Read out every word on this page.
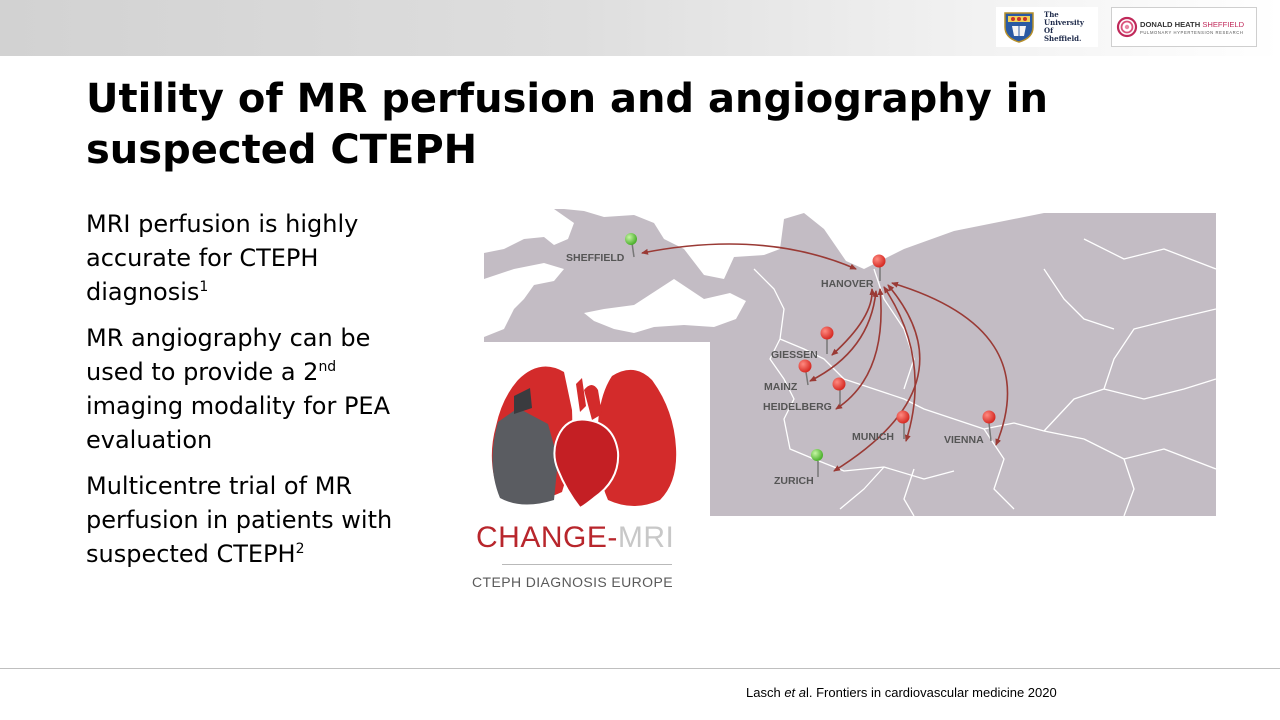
The
University
Of
Sheffield.
DONALD HEATH SHEFFIELD
PULMONARY HYPERTENSION RESEARCH
Utility of MR perfusion and angiography in suspected CTEPH

MRI perfusion is highly accurate for CTEPH diagnosis$^1$

MR angiography can be used to provide a 2nd imaging modality for PEA evaluation

Multicentre trial of MR perfusion in patients with suspected CTEPH$^2$

SHEFFIELD
HANOVER
GIESSEN
MAINZ
HEIDELBERG
MUNICH	VIENNA
ZURICH
CHANGE-MRI
CTEPH DIAGNOSIS EUROPE
Lasch et al. Frontiers in cardiovascular medicine 2020
